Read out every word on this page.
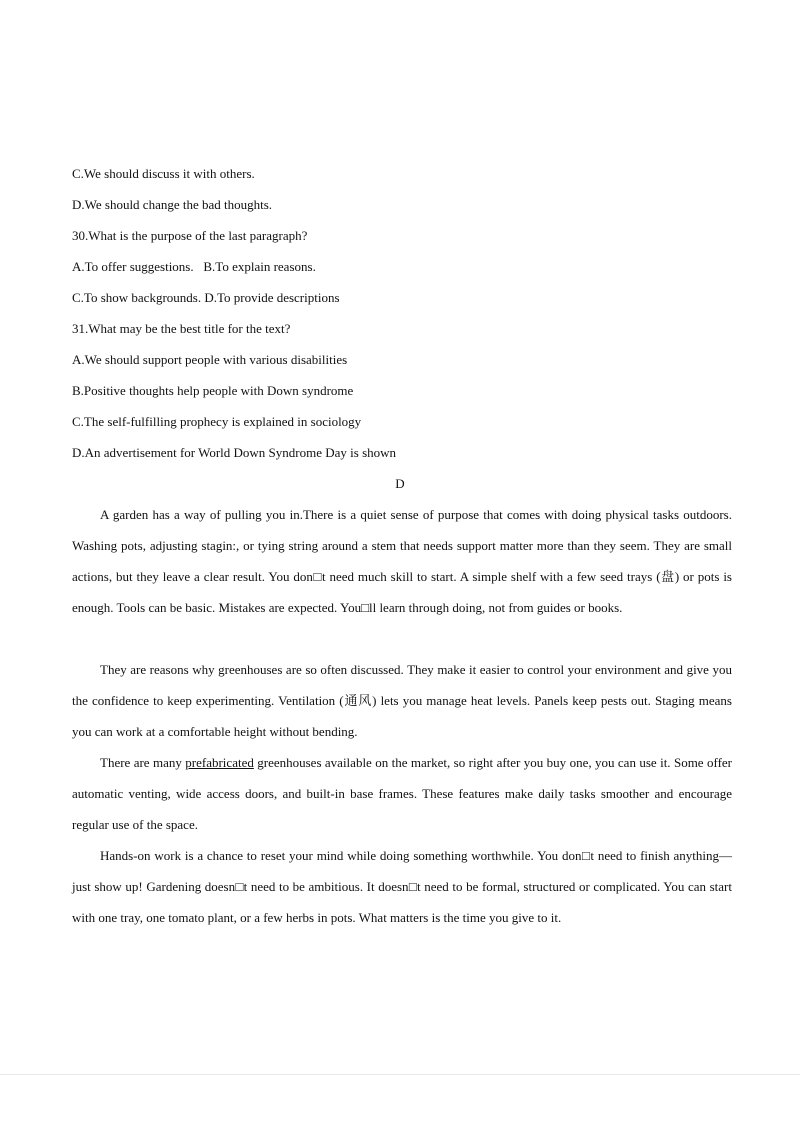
C.We should discuss it with others.
D.We should change the bad thoughts.
30.What is the purpose of the last paragraph?
A.To offer suggestions.   B.To explain reasons.
C.To show backgrounds. D.To provide descriptions
31.What may be the best title for the text?
A.We should support people with various disabilities
B.Positive thoughts help people with Down syndrome
C.The self-fulfilling prophecy is explained in sociology
D.An advertisement for World Down Syndrome Day is shown
D
A garden has a way of pulling you in.There is a quiet sense of purpose that comes with doing physical tasks outdoors. Washing pots, adjusting stagin:, or tying string around a stem that needs support matter more than they seem. They are small actions, but they leave a clear result. You don□t need much skill to start. A simple shelf with a few seed trays (盘) or pots is enough. Tools can be basic. Mistakes are expected. You□ll learn through doing, not from guides or books.
They are reasons why greenhouses are so often discussed. They make it easier to control your environment and give you the confidence to keep experimenting. Ventilation (通风) lets you manage heat levels. Panels keep pests out. Staging means you can work at a comfortable height without bending.
There are many prefabricated greenhouses available on the market, so right after you buy one, you can use it. Some offer automatic venting, wide access doors, and built-in base frames. These features make daily tasks smoother and encourage regular use of the space.
Hands-on work is a chance to reset your mind while doing something worthwhile. You don□t need to finish anything—just show up! Gardening doesn□t need to be ambitious. It doesn□t need to be formal, structured or complicated. You can start with one tray, one tomato plant, or a few herbs in pots. What matters is the time you give to it.
